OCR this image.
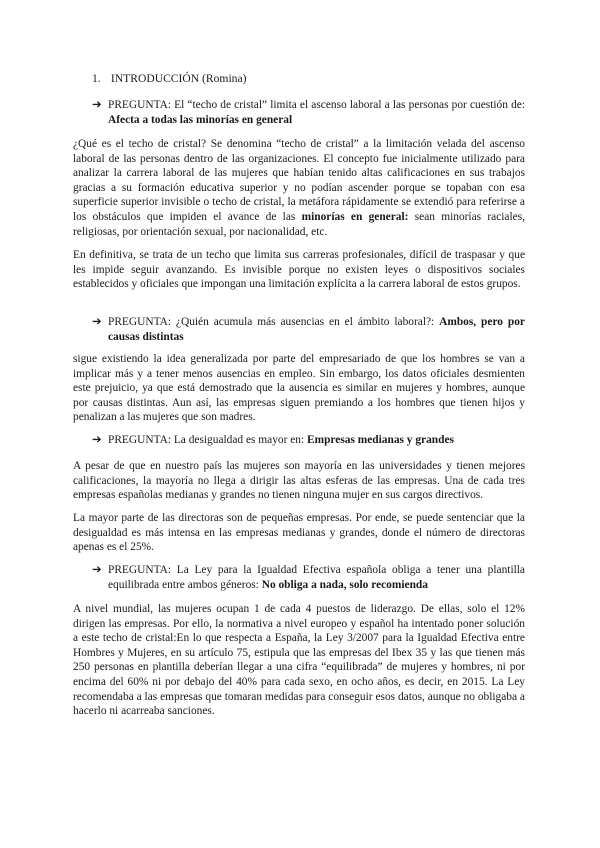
1. INTRODUCCIÓN (Romina)
➔ PREGUNTA: El “techo de cristal” limita el ascenso laboral a las personas por cuestión de: Afecta a todas las minorías en general
¿Qué es el techo de cristal? Se denomina “techo de cristal” a la limitación velada del ascenso laboral de las personas dentro de las organizaciones. El concepto fue inicialmente utilizado para analizar la carrera laboral de las mujeres que habían tenido altas calificaciones en sus trabajos gracias a su formación educativa superior y no podían ascender porque se topaban con esa superficie superior invisible o techo de cristal, la metáfora rápidamente se extendió para referirse a los obstáculos que impiden el avance de las minorías en general: sean minorías raciales, religiosas, por orientación sexual, por nacionalidad, etc.
En definitiva, se trata de un techo que limita sus carreras profesionales, difícil de traspasar y que les impide seguir avanzando. Es invisible porque no existen leyes o dispositivos sociales establecidos y oficiales que impongan una limitación explícita a la carrera laboral de estos grupos.
➔ PREGUNTA: ¿Quién acumula más ausencias en el ámbito laboral?: Ambos, pero por causas distintas
sigue existiendo la idea generalizada por parte del empresariado de que los hombres se van a implicar más y a tener menos ausencias en empleo. Sin embargo, los datos oficiales desmienten este prejuicio, ya que está demostrado que la ausencia es similar en mujeres y hombres, aunque por causas distintas. Aun así, las empresas siguen premiando a los hombres que tienen hijos y penalizan a las mujeres que son madres.
➔ PREGUNTA: La desigualdad es mayor en: Empresas medianas y grandes
A pesar de que en nuestro país las mujeres son mayoría en las universidades y tienen mejores calificaciones, la mayoría no llega a dirigir las altas esferas de las empresas. Una de cada tres empresas españolas medianas y grandes no tienen ninguna mujer en sus cargos directivos.
La mayor parte de las directoras son de pequeñas empresas. Por ende, se puede sentenciar que la desigualdad es más intensa en las empresas medianas y grandes, donde el número de directoras apenas es el 25%.
➔ PREGUNTA: La Ley para la Igualdad Efectiva española obliga a tener una plantilla equilibrada entre ambos géneros: No obliga a nada, solo recomienda
A nivel mundial, las mujeres ocupan 1 de cada 4 puestos de liderazgo. De ellas, solo el 12% dirigen las empresas. Por ello, la normativa a nivel europeo y español ha intentado poner solución a este techo de cristal:En lo que respecta a España, la Ley 3/2007 para la Igualdad Efectiva entre Hombres y Mujeres, en su artículo 75, estipula que las empresas del Ibex 35 y las que tienen más 250 personas en plantilla deberían llegar a una cifra “equilibrada” de mujeres y hombres, ni por encima del 60% ni por debajo del 40% para cada sexo, en ocho años, es decir, en 2015. La Ley recomendaba a las empresas que tomaran medidas para conseguir esos datos, aunque no obligaba a hacerlo ni acarreaba sanciones.
